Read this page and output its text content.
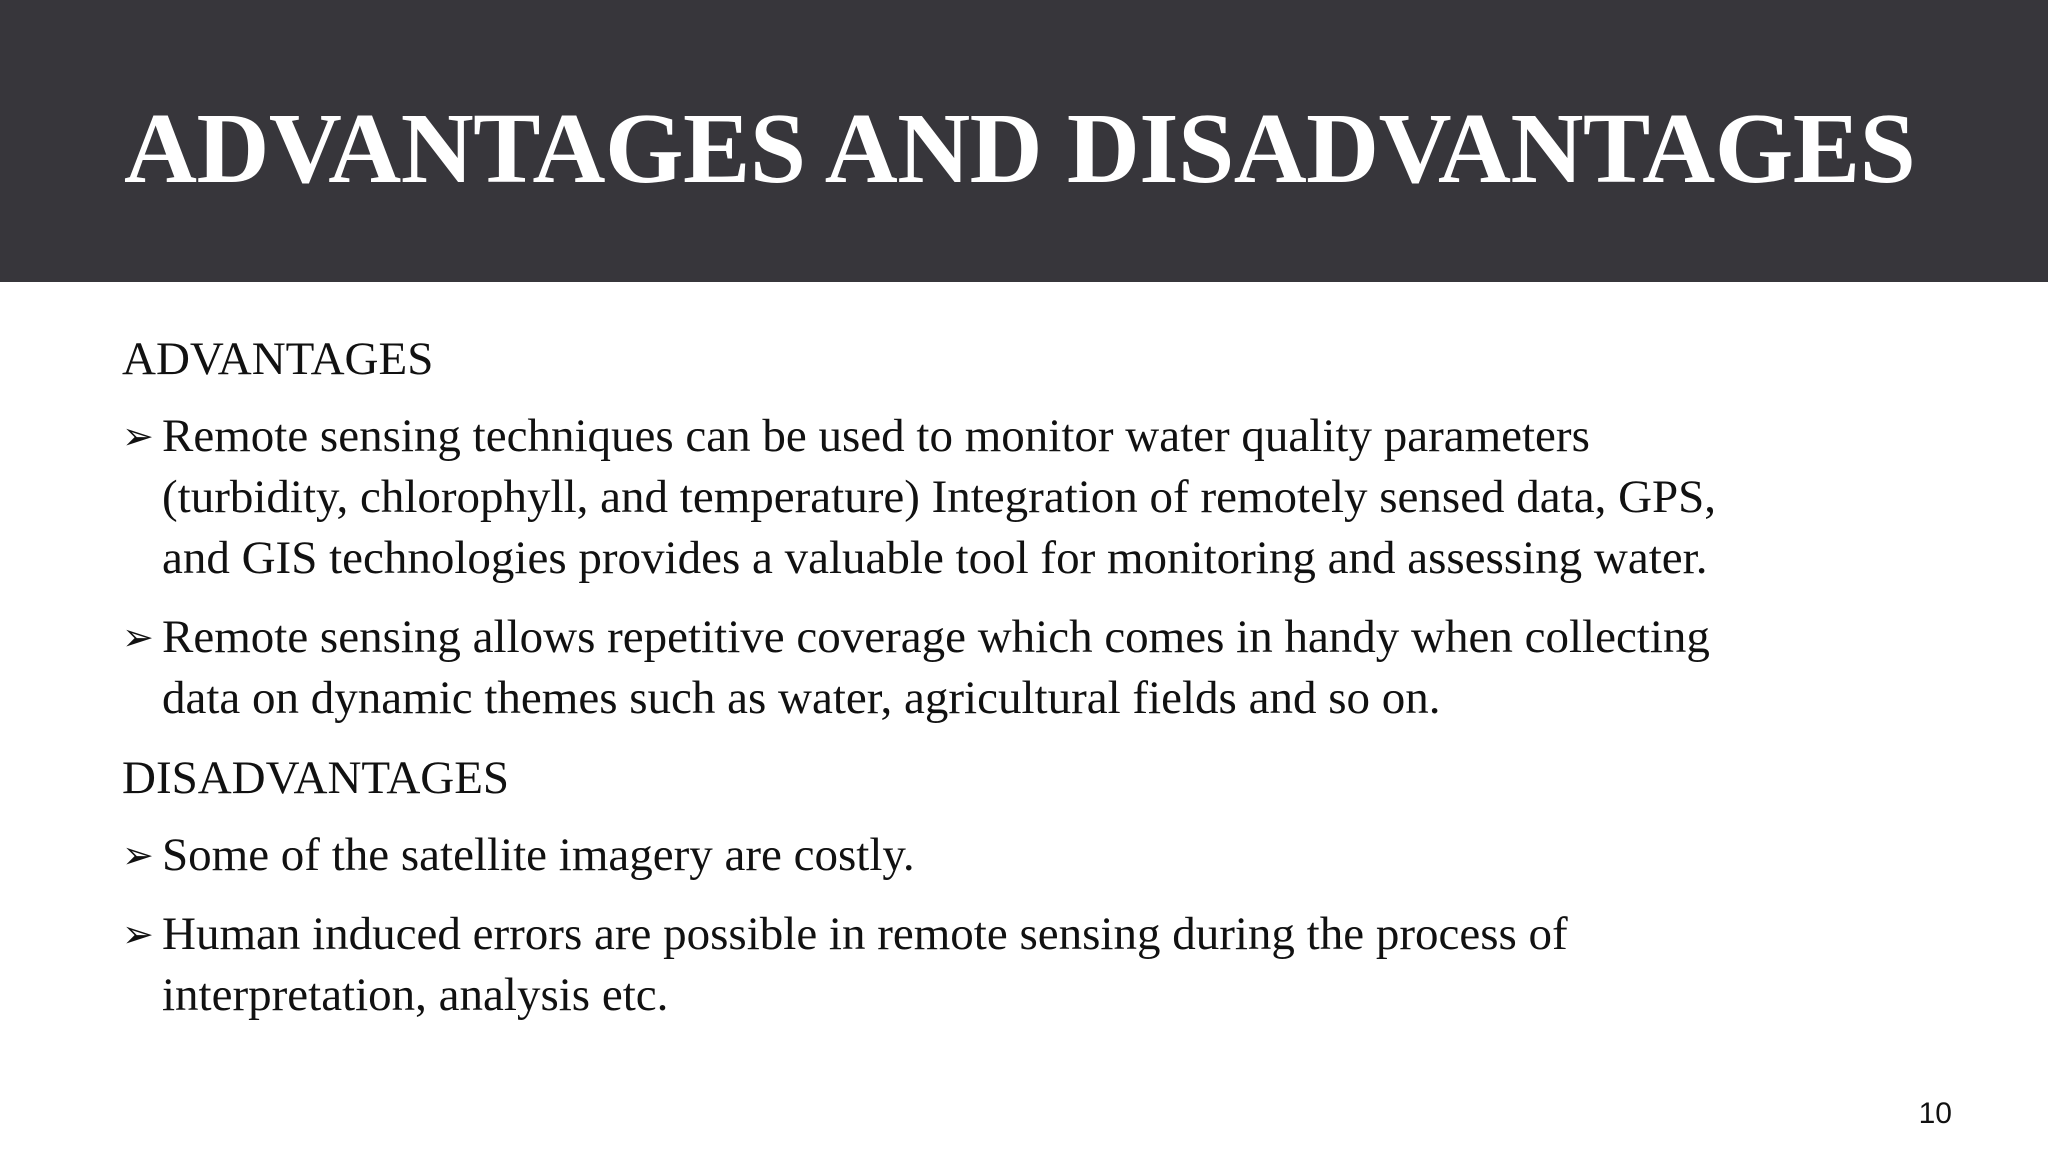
ADVANTAGES AND DISADVANTAGES
ADVANTAGES
➢ Remote sensing techniques can be used to monitor water quality parameters
(turbidity, chlorophyll, and temperature) Integration of remotely sensed data, GPS,
and GIS technologies provides a valuable tool for monitoring and assessing water.
➢ Remote sensing allows repetitive coverage which comes in handy when collecting
data on dynamic themes such as water, agricultural fields and so on.
DISADVANTAGES
➢ Some of the satellite imagery are costly.
➢ Human induced errors are possible in remote sensing during the process of
interpretation, analysis etc.
10
